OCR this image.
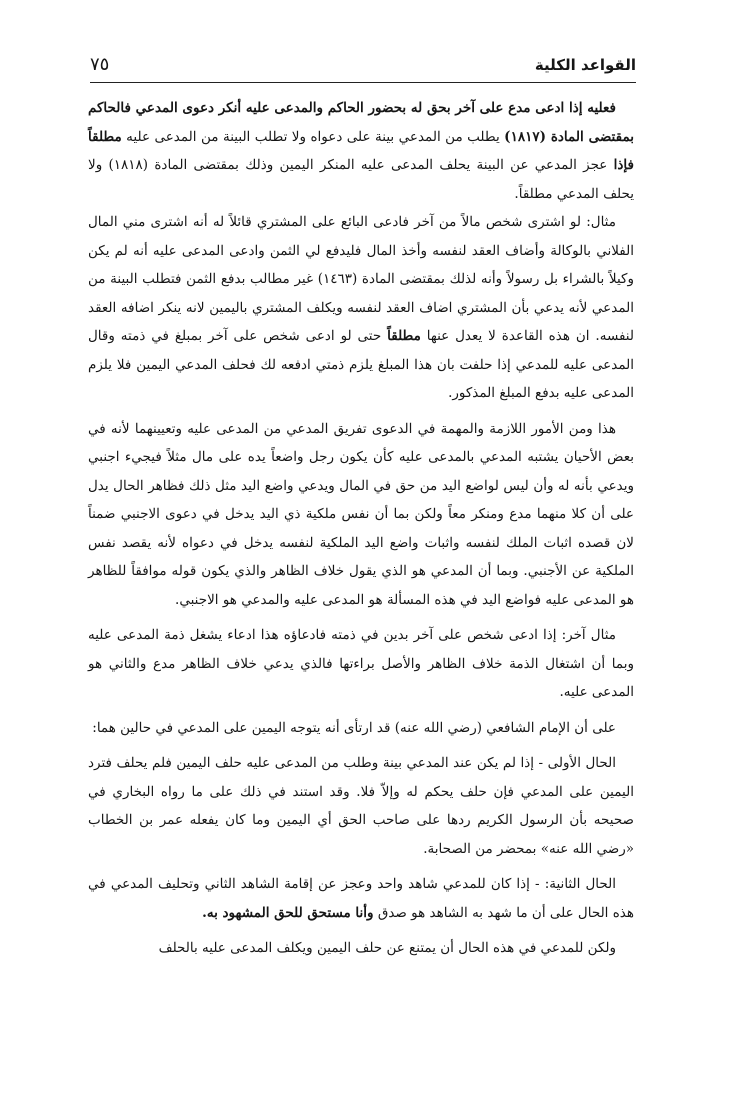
القواعد الكلية
٧٥

فعليه إذا ادعى مدع على آخر بحق له بحضور الحاكم والمدعى عليه أنكر دعوى المدعي فالحاكم بمقتضى المادة (١٨١٧) يطلب من المدعي بينة على دعواه ولا تطلب البينة من المدعى عليه مطلقاً فإذا عجز المدعي عن البينة يحلف المدعى عليه المنكر اليمين وذلك بمقتضى المادة (١٨١٨) ولا يحلف المدعي مطلقاً.

مثال: لو اشترى شخص مالاً من آخر فادعى البائع على المشتري قائلاً له أنه اشترى مني المال الفلاني بالوكالة وأضاف العقد لنفسه وأخذ المال فليدفع لي الثمن وادعى المدعى عليه أنه لم يكن وكيلاً بالشراء بل رسولاً وأنه لذلك بمقتضى المادة (١٤٦٣) غير مطالب بدفع الثمن فتطلب البينة من المدعي لأنه يدعي بأن المشتري اضاف العقد لنفسه ويكلف المشتري باليمين لانه ينكر اضافه العقد لنفسه. ان هذه القاعدة لا يعدل عنها مطلقاً حتى لو ادعى شخص على آخر بمبلغ في ذمته وقال المدعى عليه للمدعي إذا حلفت بان هذا المبلغ يلزم ذمتي ادفعه لك فحلف المدعي اليمين فلا يلزم المدعى عليه بدفع المبلغ المذكور.

هذا ومن الأمور اللازمة والمهمة في الدعوى تفريق المدعي من المدعى عليه وتعيينهما لأنه في بعض الأحيان يشتبه المدعي بالمدعى عليه كأن يكون رجل واضعاً يده على مال مثلاً فيجيء اجنبي ويدعي بأنه له وأن ليس لواضع اليد من حق في المال ويدعي واضع اليد مثل ذلك فظاهر الحال يدل على أن كلا منهما مدع ومنكر معاً ولكن بما أن نفس ملكية ذي اليد يدخل في دعوى الاجنبي ضمناً لان قصده اثبات الملك لنفسه واثبات واضع اليد الملكية لنفسه يدخل في دعواه لأنه يقصد نفس الملكية عن الأجنبي. وبما أن المدعي هو الذي يقول خلاف الظاهر والذي يكون قوله موافقاً للظاهر هو المدعى عليه فواضع اليد في هذه المسألة هو المدعى عليه والمدعي هو الاجنبي.

مثال آخر: إذا ادعى شخص على آخر بدين في ذمته فادعاؤه هذا ادعاء يشغل ذمة المدعى عليه وبما أن اشتغال الذمة خلاف الظاهر والأصل براءتها فالذي يدعي خلاف الظاهر مدع والثاني هو المدعى عليه.

على أن الإمام الشافعي (رضي الله عنه) قد ارتأى أنه يتوجه اليمين على المدعي في حالين هما:

الحال الأولى - إذا لم يكن عند المدعي بينة وطلب من المدعى عليه حلف اليمين فلم يحلف فترد اليمين على المدعي فإن حلف يحكم له وإلاّ فلا. وقد استند في ذلك على ما رواه البخاري في صحيحه بأن الرسول الكريم ردها على صاحب الحق أي اليمين وما كان يفعله عمر بن الخطاب «رضي الله عنه» بمحضر من الصحابة.

الحال الثانية: - إذا كان للمدعي شاهد واحد وعجز عن إقامة الشاهد الثاني وتحليف المدعي في هذه الحال على أن ما شهد به الشاهد هو صدق وأنا مستحق للحق المشهود به.

ولكن للمدعي في هذه الحال أن يمتنع عن حلف اليمين ويكلف المدعى عليه بالحلف
